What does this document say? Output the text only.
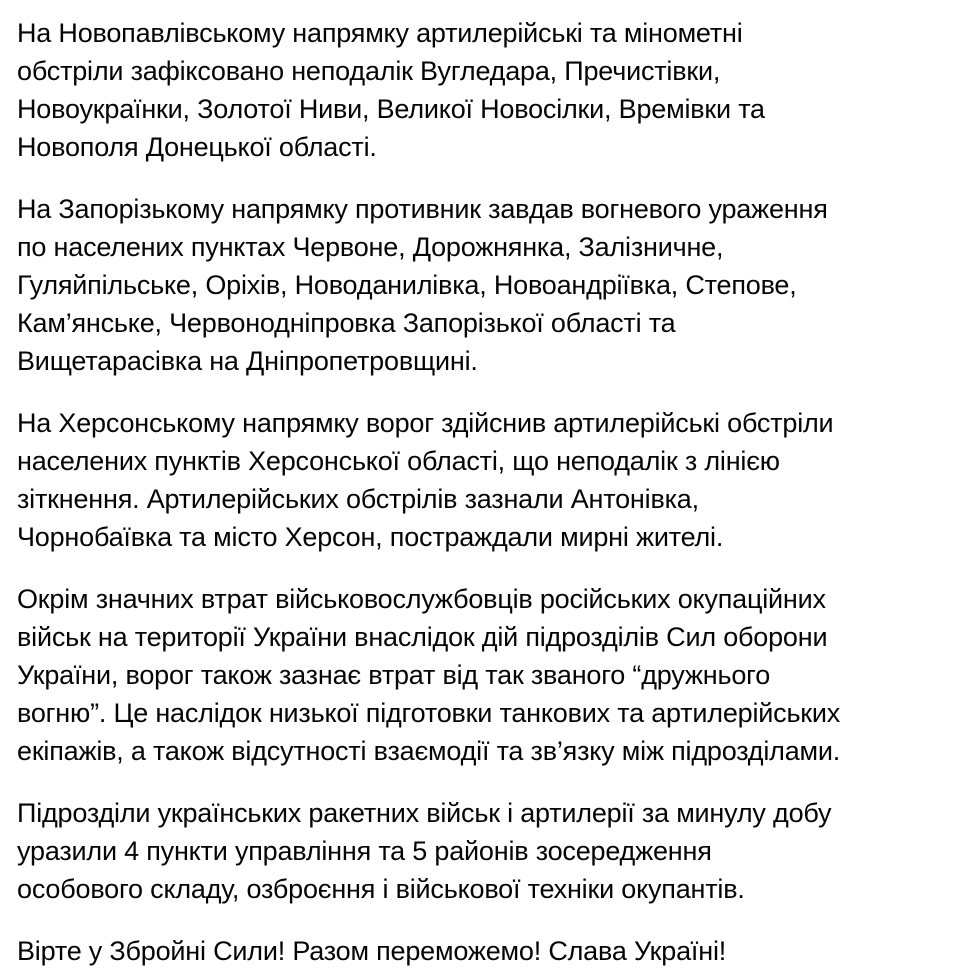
На Новопавлівському напрямку артилерійські та мінометні
обстріли зафіксовано неподалік Вугледара, Пречистівки,
Новоукраїнки, Золотої Ниви, Великої Новосілки, Времівки та
Новополя Донецької області.

На Запорізькому напрямку противник завдав вогневого ураження
по населених пунктах Червоне, Дорожнянка, Залізничне,
Гуляйпільське, Оріхів, Новоданилівка, Новоандріївка, Степове,
Кам’янське, Червонодніпровка Запорізької області та
Вищетарасівка на Дніпропетровщині.

На Херсонському напрямку ворог здійснив артилерійські обстріли
населених пунктів Херсонської області, що неподалік з лінією
зіткнення. Артилерійських обстрілів зазнали Антонівка,
Чорнобаївка та місто Херсон, постраждали мирні жителі.

Окрім значних втрат військовослужбовців російських окупаційних
військ на території України внаслідок дій підрозділів Сил оборони
України, ворог також зазнає втрат від так званого “дружнього
вогню”. Це наслідок низької підготовки танкових та артилерійських
екіпажів, а також відсутності взаємодії та зв’язку між підрозділами.

Підрозділи українських ракетних військ і артилерії за минулу добу
уразили 4 пункти управління та 5 районів зосередження
особового складу, озброєння і військової техніки окупантів.

Вірте у Збройні Сили! Разом переможемо! Слава Україні!
